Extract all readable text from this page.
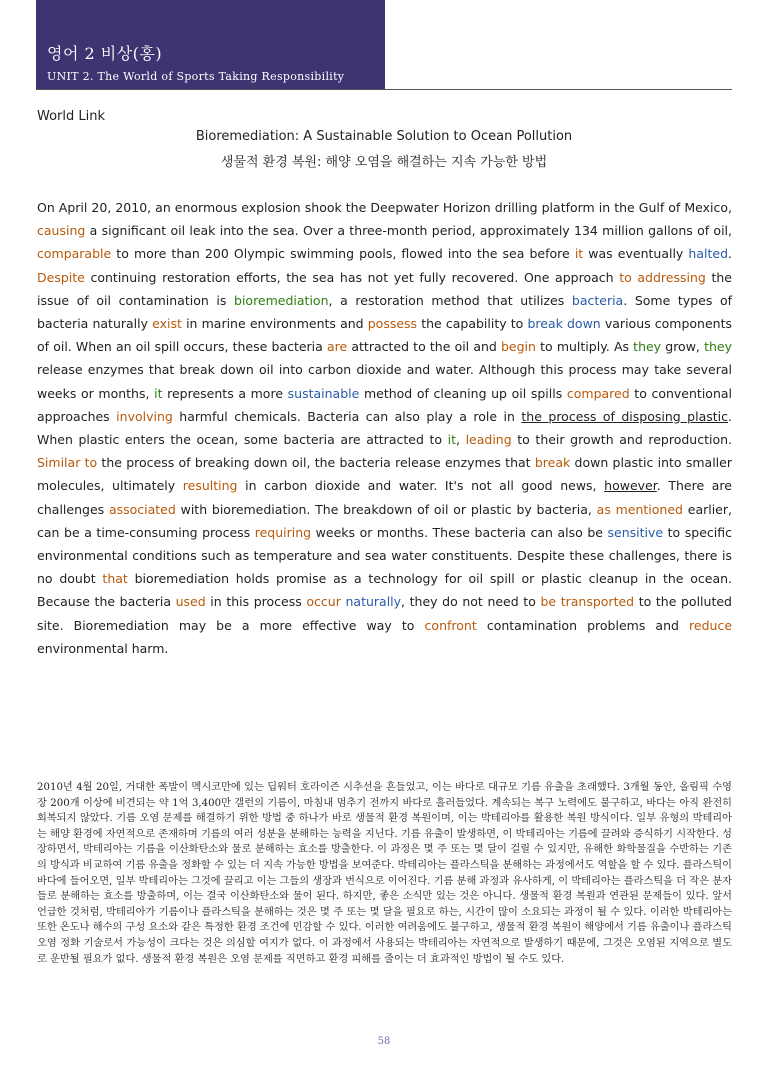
영어 2 비상(홍)
UNIT 2. The World of Sports Taking Responsibility
World Link
Bioremediation: A Sustainable Solution to Ocean Pollution
생물적 환경 복원: 해양 오염을 해결하는 지속 가능한 방법
On April 20, 2010, an enormous explosion shook the Deepwater Horizon drilling platform in the Gulf of Mexico, causing a significant oil leak into the sea. Over a three-month period, approximately 134 million gallons of oil, comparable to more than 200 Olympic swimming pools, flowed into the sea before it was eventually halted. Despite continuing restoration efforts, the sea has not yet fully recovered. One approach to addressing the issue of oil contamination is bioremediation, a restoration method that utilizes bacteria. Some types of bacteria naturally exist in marine environments and possess the capability to break down various components of oil. When an oil spill occurs, these bacteria are attracted to the oil and begin to multiply. As they grow, they release enzymes that break down oil into carbon dioxide and water. Although this process may take several weeks or months, it represents a more sustainable method of cleaning up oil spills compared to conventional approaches involving harmful chemicals. Bacteria can also play a role in the process of disposing plastic. When plastic enters the ocean, some bacteria are attracted to it, leading to their growth and reproduction. Similar to the process of breaking down oil, the bacteria release enzymes that break down plastic into smaller molecules, ultimately resulting in carbon dioxide and water. It's not all good news, however. There are challenges associated with bioremediation. The breakdown of oil or plastic by bacteria, as mentioned earlier, can be a time-consuming process requiring weeks or months. These bacteria can also be sensitive to specific environmental conditions such as temperature and sea water constituents. Despite these challenges, there is no doubt that bioremediation holds promise as a technology for oil spill or plastic cleanup in the ocean. Because the bacteria used in this process occur naturally, they do not need to be transported to the polluted site. Bioremediation may be a more effective way to confront contamination problems and reduce environmental harm.
2010년 4월 20일, 거대한 폭발이 멕시코만에 있는 딥워터 호라이즌 시추선을 흔들었고, 이는 바다로 대규모 기름 유출을 초래했다. 3개월 동안, 올림픽 수영장 200개 이상에 비견되는 약 1억 3,400만 갤런의 기름이, 마침내 멈추기 전까지 바다로 흘러들었다. 계속되는 복구 노력에도 불구하고, 바다는 아직 완전히 회복되지 않았다. 기름 오염 문제를 해결하기 위한 방법 중 하나가 바로 생물적 환경 복원이며, 이는 박테리아를 활용한 복원 방식이다. 일부 유형의 박테리아는 해양 환경에 자연적으로 존재하며 기름의 여러 성분을 분해하는 능력을 지닌다. 기름 유출이 발생하면, 이 박테리아는 기름에 끌려와 증식하기 시작한다. 성장하면서, 박테리아는 기름을 이산화탄소와 물로 분해하는 효소를 방출한다. 이 과정은 몇 주 또는 몇 달이 걸릴 수 있지만, 유해한 화학물질을 수반하는 기존의 방식과 비교하여 기름 유출을 정화할 수 있는 더 지속 가능한 방법을 보여준다. 박테리아는 플라스틱을 분해하는 과정에서도 역할을 할 수 있다. 플라스틱이 바다에 들어오면, 일부 박테리아는 그것에 끌리고 이는 그들의 생장과 번식으로 이어진다. 기름 분해 과정과 유사하게, 이 박테리아는 플라스틱을 더 작은 분자들로 분해하는 효소를 방출하며, 이는 결국 이산화탄소와 물이 된다. 하지만, 좋은 소식만 있는 것은 아니다. 생물적 환경 복원과 연관된 문제들이 있다. 앞서 언급한 것처럼, 박테리아가 기름이나 플라스틱을 분해하는 것은 몇 주 또는 몇 달을 필요로 하는, 시간이 많이 소요되는 과정이 될 수 있다. 이러한 박테리아는 또한 온도나 해수의 구성 요소와 같은 특정한 환경 조건에 민감할 수 있다. 이러한 여려움에도 불구하고, 생물적 환경 복원이 해양에서 기름 유출이나 플라스틱 오염 정화 기술로서 가능성이 크다는 것은 의심할 여지가 없다. 이 과정에서 사용되는 박테리아는 자연적으로 발생하기 때문에, 그것은 오염된 지역으로 별도로 운반될 필요가 없다. 생물적 환경 복원은 오염 문제를 직면하고 환경 피해를 줄이는 더 효과적인 방법이 될 수도 있다.
58
